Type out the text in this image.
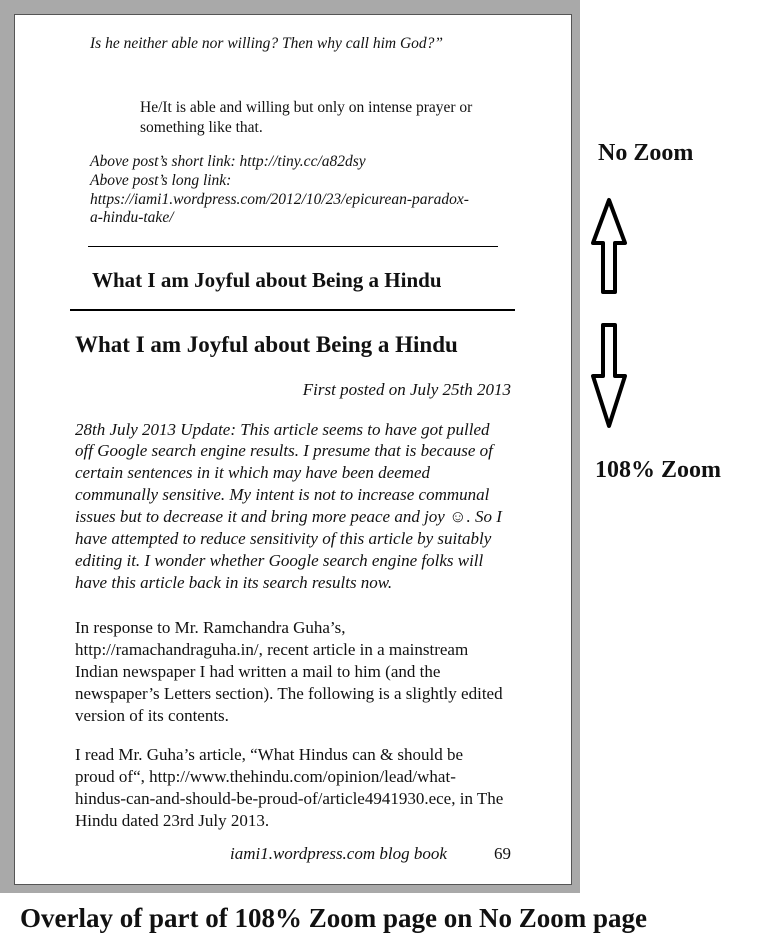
Is he neither able nor willing? Then why call him God?”
He/It is able and willing but only on intense prayer or
something like that.
Above post’s short link: http://tiny.cc/a82dsy
Above post’s long link:
https://iami1.wordpress.com/2012/10/23/epicurean-paradox-
a-hindu-take/
What I am Joyful about Being a Hindu
What I am Joyful about Being a Hindu
First posted on July 25th 2013
28th July 2013 Update: This article seems to have got pulled
off Google search engine results. I presume that is because of
certain sentences in it which may have been deemed
communally sensitive. My intent is not to increase communal
issues but to decrease it and bring more peace and joy ☺. So I
have attempted to reduce sensitivity of this article by suitably
editing it. I wonder whether Google search engine folks will
have this article back in its search results now.
In response to Mr. Ramchandra Guha’s,
http://ramachandraguha.in/, recent article in a mainstream
Indian newspaper I had written a mail to him (and the
newspaper’s Letters section). The following is a slightly edited
version of its contents.
I read Mr. Guha’s article, “What Hindus can & should be
proud of“, http://www.thehindu.com/opinion/lead/what-
hindus-can-and-should-be-proud-of/article4941930.ece, in The
Hindu dated 23rd July 2013.
iami1.wordpress.com blog book	69
No Zoom
108% Zoom
Overlay of part of 108% Zoom page on No Zoom page
